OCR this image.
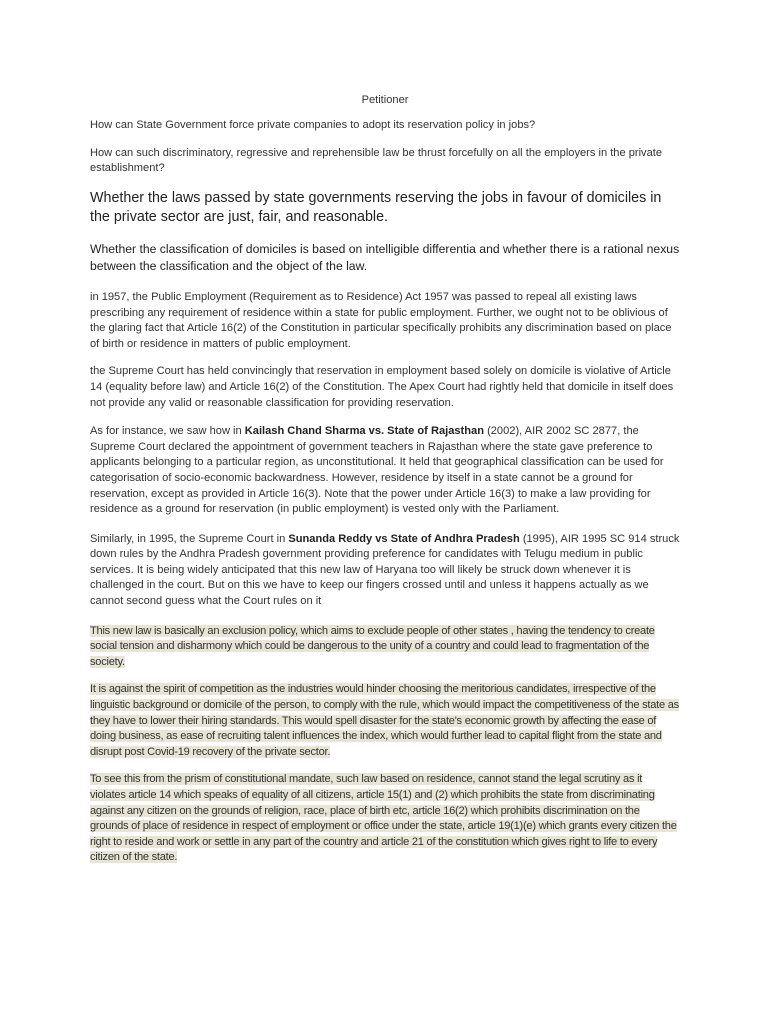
Petitioner

How can State Government force private companies to adopt its reservation policy in jobs?

How can such discriminatory, regressive and reprehensible law be thrust forcefully on all the employers in the private establishment?

Whether the laws passed by state governments reserving the jobs in favour of domiciles in the private sector are just, fair, and reasonable.

Whether the classification of domiciles is based on intelligible differentia and whether there is a rational nexus between the classification and the object of the law.

in 1957, the Public Employment (Requirement as to Residence) Act 1957 was passed to repeal all existing laws prescribing any requirement of residence within a state for public employment. Further, we ought not to be oblivious of the glaring fact that Article 16(2) of the Constitution in particular specifically prohibits any discrimination based on place of birth or residence in matters of public employment.

the Supreme Court has held convincingly that reservation in employment based solely on domicile is violative of Article 14 (equality before law) and Article 16(2) of the Constitution. The Apex Court had rightly held that domicile in itself does not provide any valid or reasonable classification for providing reservation.

As for instance, we saw how in Kailash Chand Sharma vs. State of Rajasthan (2002), AIR 2002 SC 2877, the Supreme Court declared the appointment of government teachers in Rajasthan where the state gave preference to applicants belonging to a particular region, as unconstitutional. It held that geographical classification can be used for categorisation of socio-economic backwardness. However, residence by itself in a state cannot be a ground for reservation, except as provided in Article 16(3). Note that the power under Article 16(3) to make a law providing for residence as a ground for reservation (in public employment) is vested only with the Parliament.

Similarly, in 1995, the Supreme Court in Sunanda Reddy vs State of Andhra Pradesh (1995), AIR 1995 SC 914 struck down rules by the Andhra Pradesh government providing preference for candidates with Telugu medium in public services. It is being widely anticipated that this new law of Haryana too will likely be struck down whenever it is challenged in the court. But on this we have to keep our fingers crossed until and unless it happens actually as we cannot second guess what the Court rules on it

This new law is basically an exclusion policy, which aims to exclude people of other states , having the tendency to create social tension and disharmony which could be dangerous to the unity of a country and could lead to fragmentation of the society.

It is against the spirit of competition as the industries would hinder choosing the meritorious candidates, irrespective of the linguistic background or domicile of the person, to comply with the rule, which would impact the competitiveness of the state as they have to lower their hiring standards. This would spell disaster for the state's economic growth by affecting the ease of doing business, as ease of recruiting talent influences the index, which would further lead to capital flight from the state and disrupt post Covid-19 recovery of the private sector.

To see this from the prism of constitutional mandate, such law based on residence, cannot stand the legal scrutiny as it violates article 14 which speaks of equality of all citizens, article 15(1) and (2) which prohibits the state from discriminating against any citizen on the grounds of religion, race, place of birth etc, article 16(2) which prohibits discrimination on the grounds of place of residence in respect of employment or office under the state, article 19(1)(e) which grants every citizen the right to reside and work or settle in any part of the country and article 21 of the constitution which gives right to life to every citizen of the state.
